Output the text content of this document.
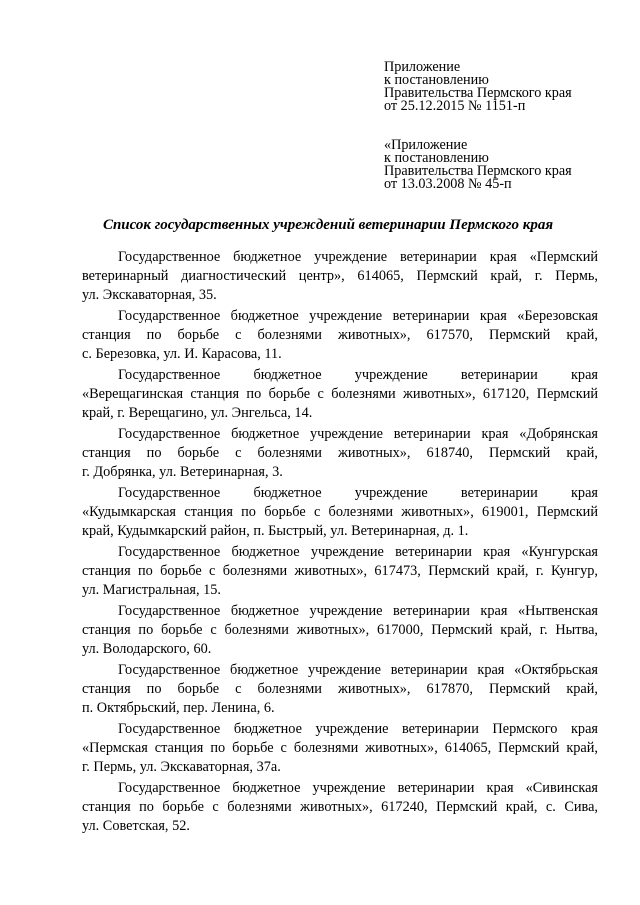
Приложение
к постановлению
Правительства Пермского края
от 25.12.2015 № 1151-п
«Приложение
к постановлению
Правительства Пермского края
от 13.03.2008 № 45-п
Список государственных учреждений ветеринарии Пермского края

Государственное бюджетное учреждение ветеринарии края «Пермский
ветеринарный диагностический центр», 614065, Пермский край, г. Пермь,
ул. Экскаваторная, 35.

Государственное бюджетное учреждение ветеринарии края «Березовская
станция по борьбе с болезнями животных», 617570, Пермский край,
с. Березовка, ул. И. Карасова, 11.

Государственное бюджетное учреждение ветеринарии края
«Верещагинская станция по борьбе с болезнями животных», 617120, Пермский
край, г. Верещагино, ул. Энгельса, 14.

Государственное бюджетное учреждение ветеринарии края «Добрянская
станция по борьбе с болезнями животных», 618740, Пермский край,
г. Добрянка, ул. Ветеринарная, 3.

Государственное бюджетное учреждение ветеринарии края
«Кудымкарская станция по борьбе с болезнями животных», 619001, Пермский
край, Кудымкарский район, п. Быстрый, ул. Ветеринарная, д. 1.

Государственное бюджетное учреждение ветеринарии края «Кунгурская
станция по борьбе с болезнями животных», 617473, Пермский край, г. Кунгур,
ул. Магистральная, 15.

Государственное бюджетное учреждение ветеринарии края «Нытвенская
станция по борьбе с болезнями животных», 617000, Пермский край, г. Нытва,
ул. Володарского, 60.

Государственное бюджетное учреждение ветеринарии края «Октябрьская
станция по борьбе с болезнями животных», 617870, Пермский край,
п. Октябрьский, пер. Ленина, 6.

Государственное бюджетное учреждение ветеринарии Пермского края
«Пермская станция по борьбе с болезнями животных», 614065, Пермский край,
г. Пермь, ул. Экскаваторная, 37а.

Государственное бюджетное учреждение ветеринарии края «Сивинская
станция по борьбе с болезнями животных», 617240, Пермский край, с. Сива,
ул. Советская, 52.
